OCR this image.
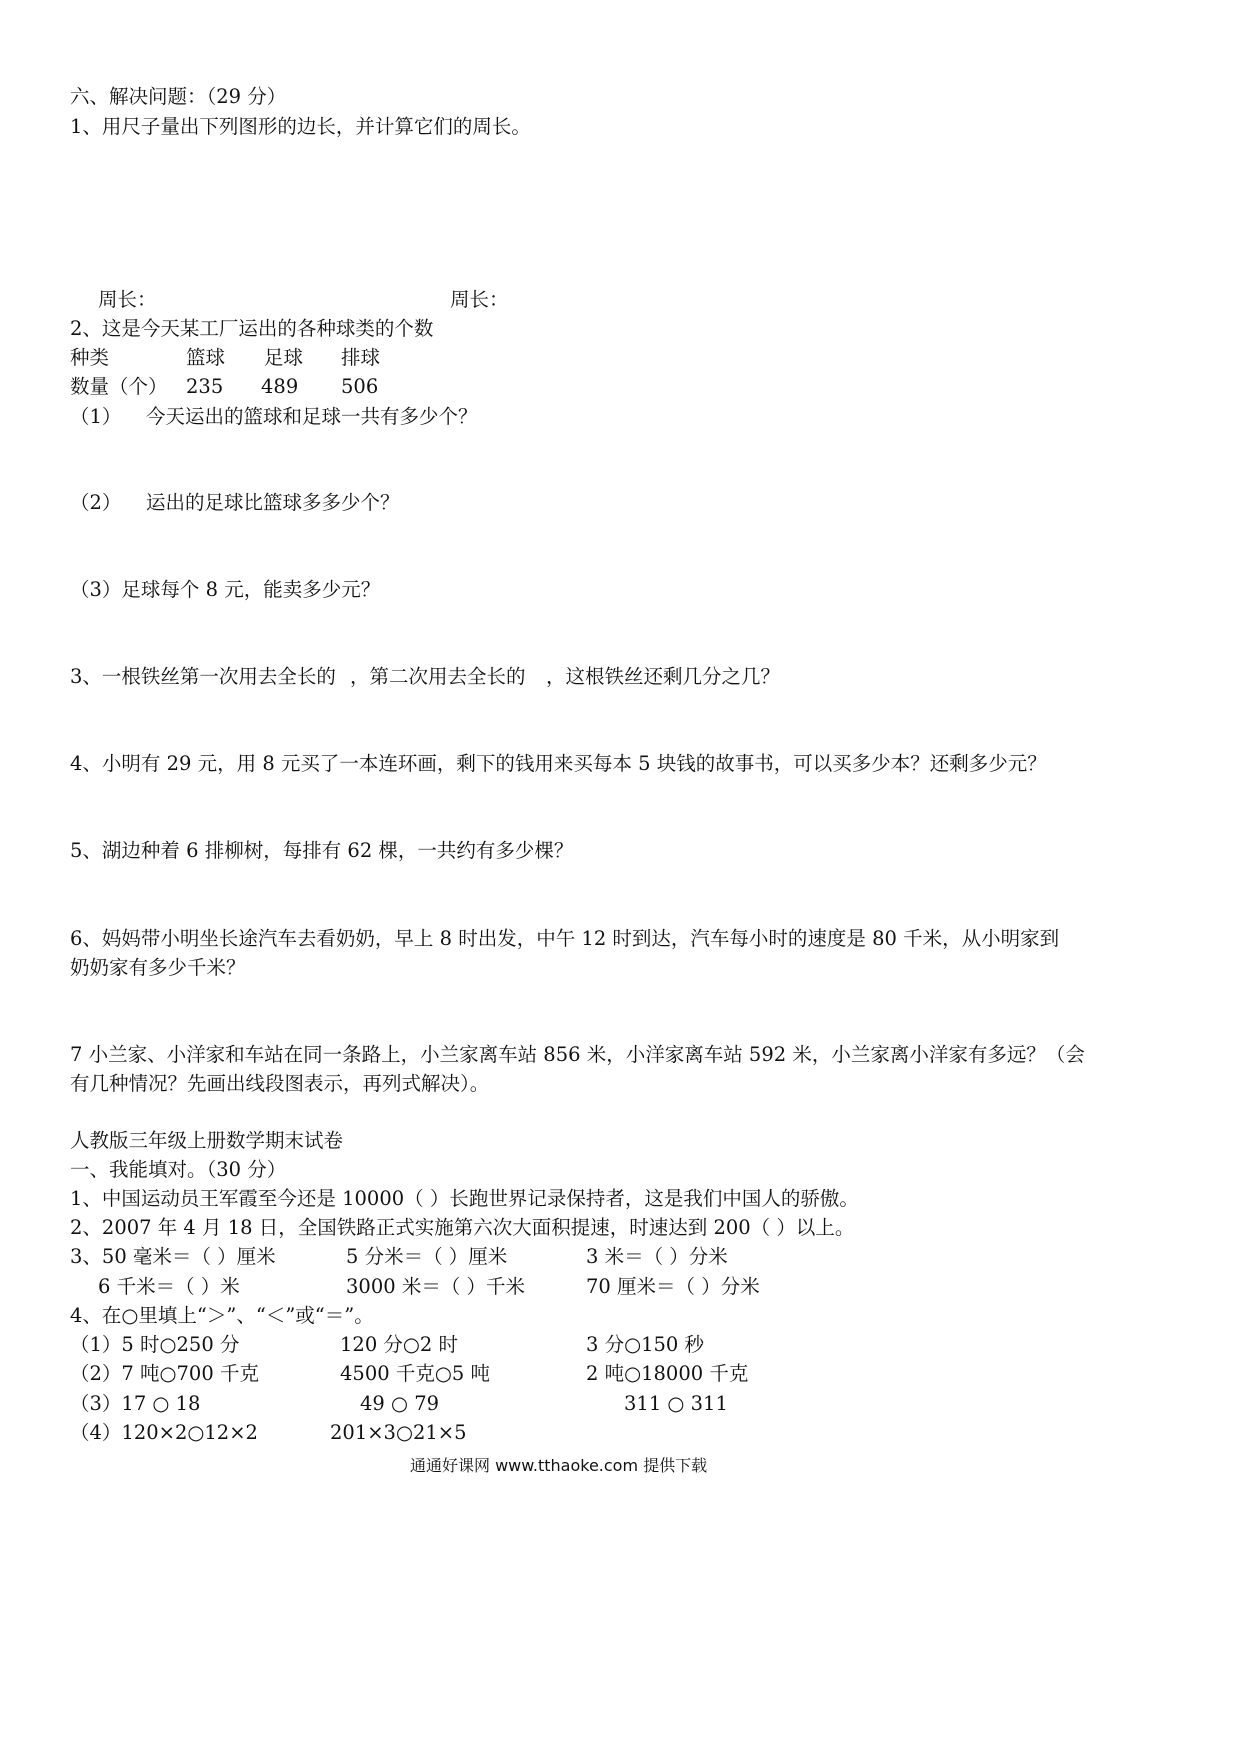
六、解决问题：（29 分）
1、用尺子量出下列图形的边长，并计算它们的周长。
周长：	周长：
2、这是今天某工厂运出的各种球类的个数
种类	篮球 足球 排球
数量（个） 235 489 506
（1） 今天运出的篮球和足球一共有多少个？
（2） 运出的足球比篮球多多少个？
（3）足球每个 8 元，能卖多少元？
3、一根铁丝第一次用去全长的 ，第二次用去全长的 ，这根铁丝还剩几分之几？
4、小明有 29 元，用 8 元买了一本连环画，剩下的钱用来买每本 5 块钱的故事书，可以买多少本？还剩多少元？
5、湖边种着 6 排柳树，每排有 62 棵，一共约有多少棵？
6、妈妈带小明坐长途汽车去看奶奶，早上 8 时出发，中午 12 时到达，汽车每小时的速度是 80 千米，从小明家到
奶奶家有多少千米？
7 小兰家、小洋家和车站在同一条路上，小兰家离车站 856 米，小洋家离车站 592 米，小兰家离小洋家有多远？（会
有几种情况？先画出线段图表示，再列式解决）。
人教版三年级上册数学期末试卷
一、我能填对。（30 分）
1、中国运动员王军霞至今还是 10000（ ）长跑世界记录保持者，这是我们中国人的骄傲。
2、2007 年 4 月 18 日，全国铁路正式实施第六次大面积提速，时速达到 200（ ）以上。
3、50 毫米＝（ ）厘米	5 分米＝（ ）厘米	3 米＝（ ）分米
6 千米＝（ ）米	3000 米＝（ ）千米	70 厘米＝（ ）分米
4、在○里填上“＞”、“＜”或“＝”。
（1）5 时○250 分	120 分○2 时	3 分○150 秒
（2）7 吨○700 千克	4500 千克○5 吨	2 吨○18000 千克
（3）17 ○ 18	49 ○ 79	311 ○ 311
（4）120×2○12×2	201×3○21×5
通通好课网 www.tthaoke.com 提供下载
